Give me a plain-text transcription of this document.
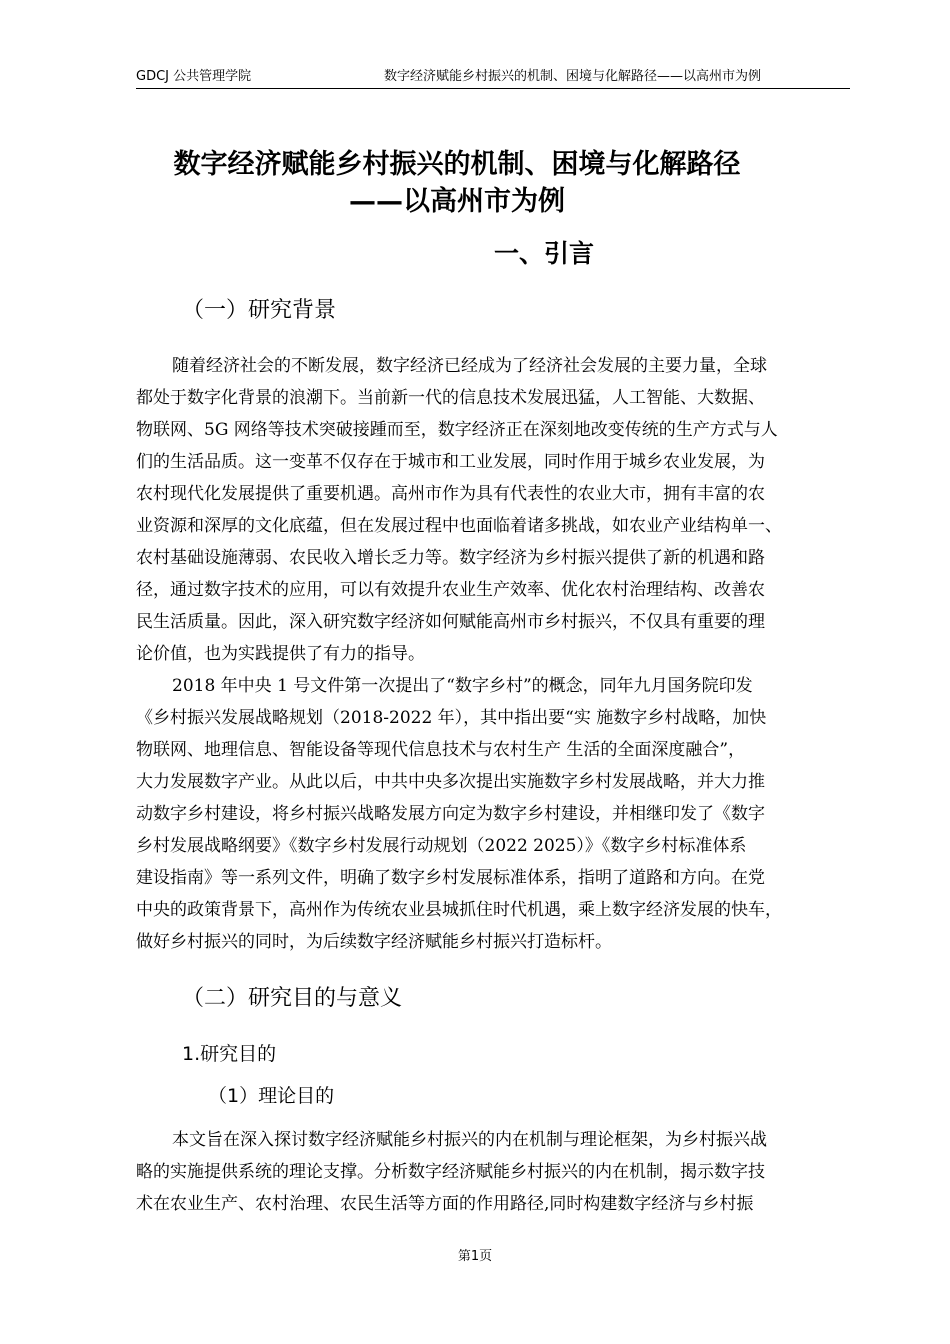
GDCJ 公共管理学院	数字经济赋能乡村振兴的机制、困境与化解路径——以高州市为例
数字经济赋能乡村振兴的机制、困境与化解路径
——以高州市为例
一、引言
（一）研究背景
随着经济社会的不断发展，数字经济已经成为了经济社会发展的主要力量，全球
都处于数字化背景的浪潮下。当前新一代的信息技术发展迅猛，人工智能、大数据、
物联网、5G 网络等技术突破接踵而至，数字经济正在深刻地改变传统的生产方式与人
们的生活品质。这一变革不仅存在于城市和工业发展，同时作用于城乡农业发展，为
农村现代化发展提供了重要机遇。高州市作为具有代表性的农业大市，拥有丰富的农
业资源和深厚的文化底蕴，但在发展过程中也面临着诸多挑战，如农业产业结构单一、
农村基础设施薄弱、农民收入增长乏力等。数字经济为乡村振兴提供了新的机遇和路
径，通过数字技术的应用，可以有效提升农业生产效率、优化农村治理结构、改善农
民生活质量。因此，深入研究数字经济如何赋能高州市乡村振兴，不仅具有重要的理
论价值，也为实践提供了有力的指导。
2018 年中央 1 号文件第一次提出了“数字乡村”的概念，同年九月国务院印发
《乡村振兴发展战略规划（2018-2022 年），其中指出要“实 施数字乡村战略，加快
物联网、地理信息、智能设备等现代信息技术与农村生产 生活的全面深度融合”，
大力发展数字产业。从此以后，中共中央多次提出实施数字乡村发展战略，并大力推
动数字乡村建设，将乡村振兴战略发展方向定为数字乡村建设，并相继印发了《数字
乡村发展战略纲要》《数字乡村发展行动规划（2022 2025）》《数字乡村标准体系
建设指南》等一系列文件，明确了数字乡村发展标准体系，指明了道路和方向。在党
中央的政策背景下，高州作为传统农业县城抓住时代机遇，乘上数字经济发展的快车，
做好乡村振兴的同时，为后续数字经济赋能乡村振兴打造标杆。
（二）研究目的与意义
1.研究目的
（1）理论目的
本文旨在深入探讨数字经济赋能乡村振兴的内在机制与理论框架，为乡村振兴战
略的实施提供系统的理论支撑。分析数字经济赋能乡村振兴的内在机制，揭示数字技
术在农业生产、农村治理、农民生活等方面的作用路径,同时构建数字经济与乡村振
第1页
